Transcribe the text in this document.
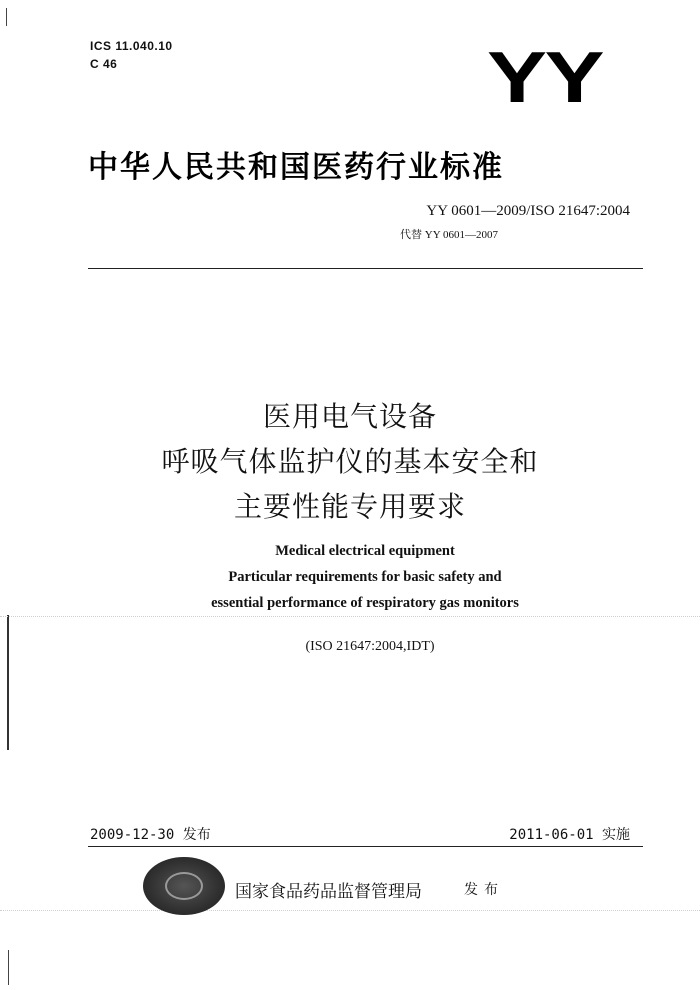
ICS 11.040.10
C 46	YY
中华人民共和国医药行业标准
YY 0601—2009/ISO 21647:2004
代替 YY 0601—2007
医用电气设备
呼吸气体监护仪的基本安全和
主要性能专用要求
Medical electrical equipment
Particular requirements for basic safety and
essential performance of respiratory gas monitors
(ISO 21647:2004,IDT)
2009-12-30 发布	2011-06-01 实施
国家食品药品监督管理局	发布
